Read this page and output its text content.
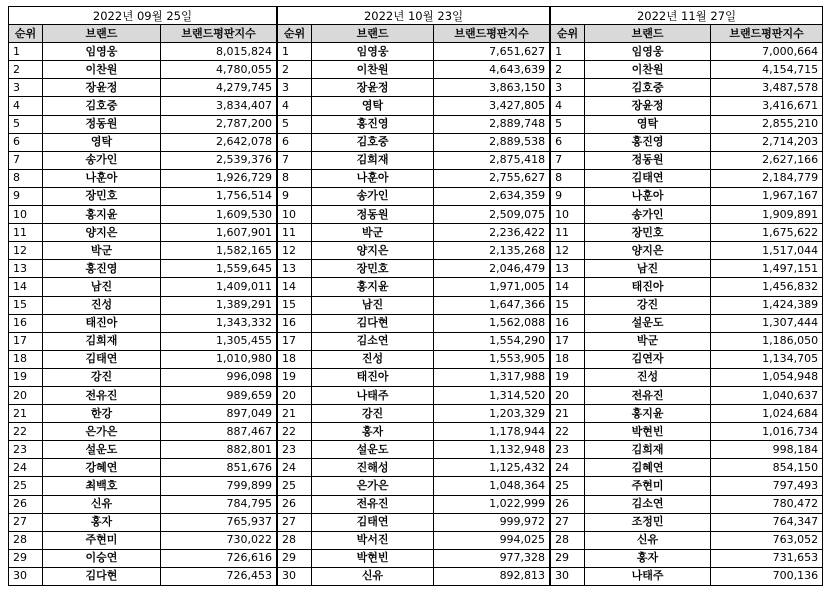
2022년 09월 25일		
순위	브랜드	브랜드평판지수
1	임영웅	8,015,824
2	이찬원	4,780,055
3	장윤정	4,279,745
4	김호중	3,834,407
5	정동원	2,787,200
6	영탁	2,642,078
7	송가인	2,539,376
8	나훈아	1,926,729
9	장민호	1,756,514
10	홍지윤	1,609,530
11	양지은	1,607,901
12	박군	1,582,165
13	홍진영	1,559,645
14	남진	1,409,011
15	진성	1,389,291
16	태진아	1,343,332
17	김희재	1,305,455
18	김태연	1,010,980
19	강진	996,098
20	전유진	989,659
21	한강	897,049
22	은가은	887,467
23	설운도	882,801
24	강혜연	851,676
25	최백호	799,899
26	신유	784,795
27	홍자	765,937
28	주현미	730,022
29	이승연	726,616
30	김다현	726,453
2022년 10월 23일		
순위	브랜드	브랜드평판지수
1	임영웅	7,651,627
2	이찬원	4,643,639
3	장윤정	3,863,150
4	영탁	3,427,805
5	홍진영	2,889,748
6	김호중	2,889,538
7	김희재	2,875,418
8	나훈아	2,755,627
9	송가인	2,634,359
10	정동원	2,509,075
11	박군	2,236,422
12	양지은	2,135,268
13	장민호	2,046,479
14	홍지윤	1,971,005
15	남진	1,647,366
16	김다현	1,562,088
17	김소연	1,554,290
18	진성	1,553,905
19	태진아	1,317,988
20	나태주	1,314,520
21	강진	1,203,329
22	홍자	1,178,944
23	설운도	1,132,948
24	진해성	1,125,432
25	은가은	1,048,364
26	전유진	1,022,999
27	김태연	999,972
28	박서진	994,025
29	박현빈	977,328
30	신유	892,813
2022년 11월 27일		
순위	브랜드	브랜드평판지수
1	임영웅	7,000,664
2	이찬원	4,154,715
3	김호중	3,487,578
4	장윤정	3,416,671
5	영탁	2,855,210
6	홍진영	2,714,203
7	정동원	2,627,166
8	김태연	2,184,779
9	나훈아	1,967,167
10	송가인	1,909,891
11	장민호	1,675,622
12	양지은	1,517,044
13	남진	1,497,151
14	태진아	1,456,832
15	강진	1,424,389
16	설운도	1,307,444
17	박군	1,186,050
18	김연자	1,134,705
19	진성	1,054,948
20	전유진	1,040,637
21	홍지윤	1,024,684
22	박현빈	1,016,734
23	김희재	998,184
24	김혜연	854,150
25	주현미	797,493
26	김소연	780,472
27	조정민	764,347
28	신유	763,052
29	홍자	731,653
30	나태주	700,136
